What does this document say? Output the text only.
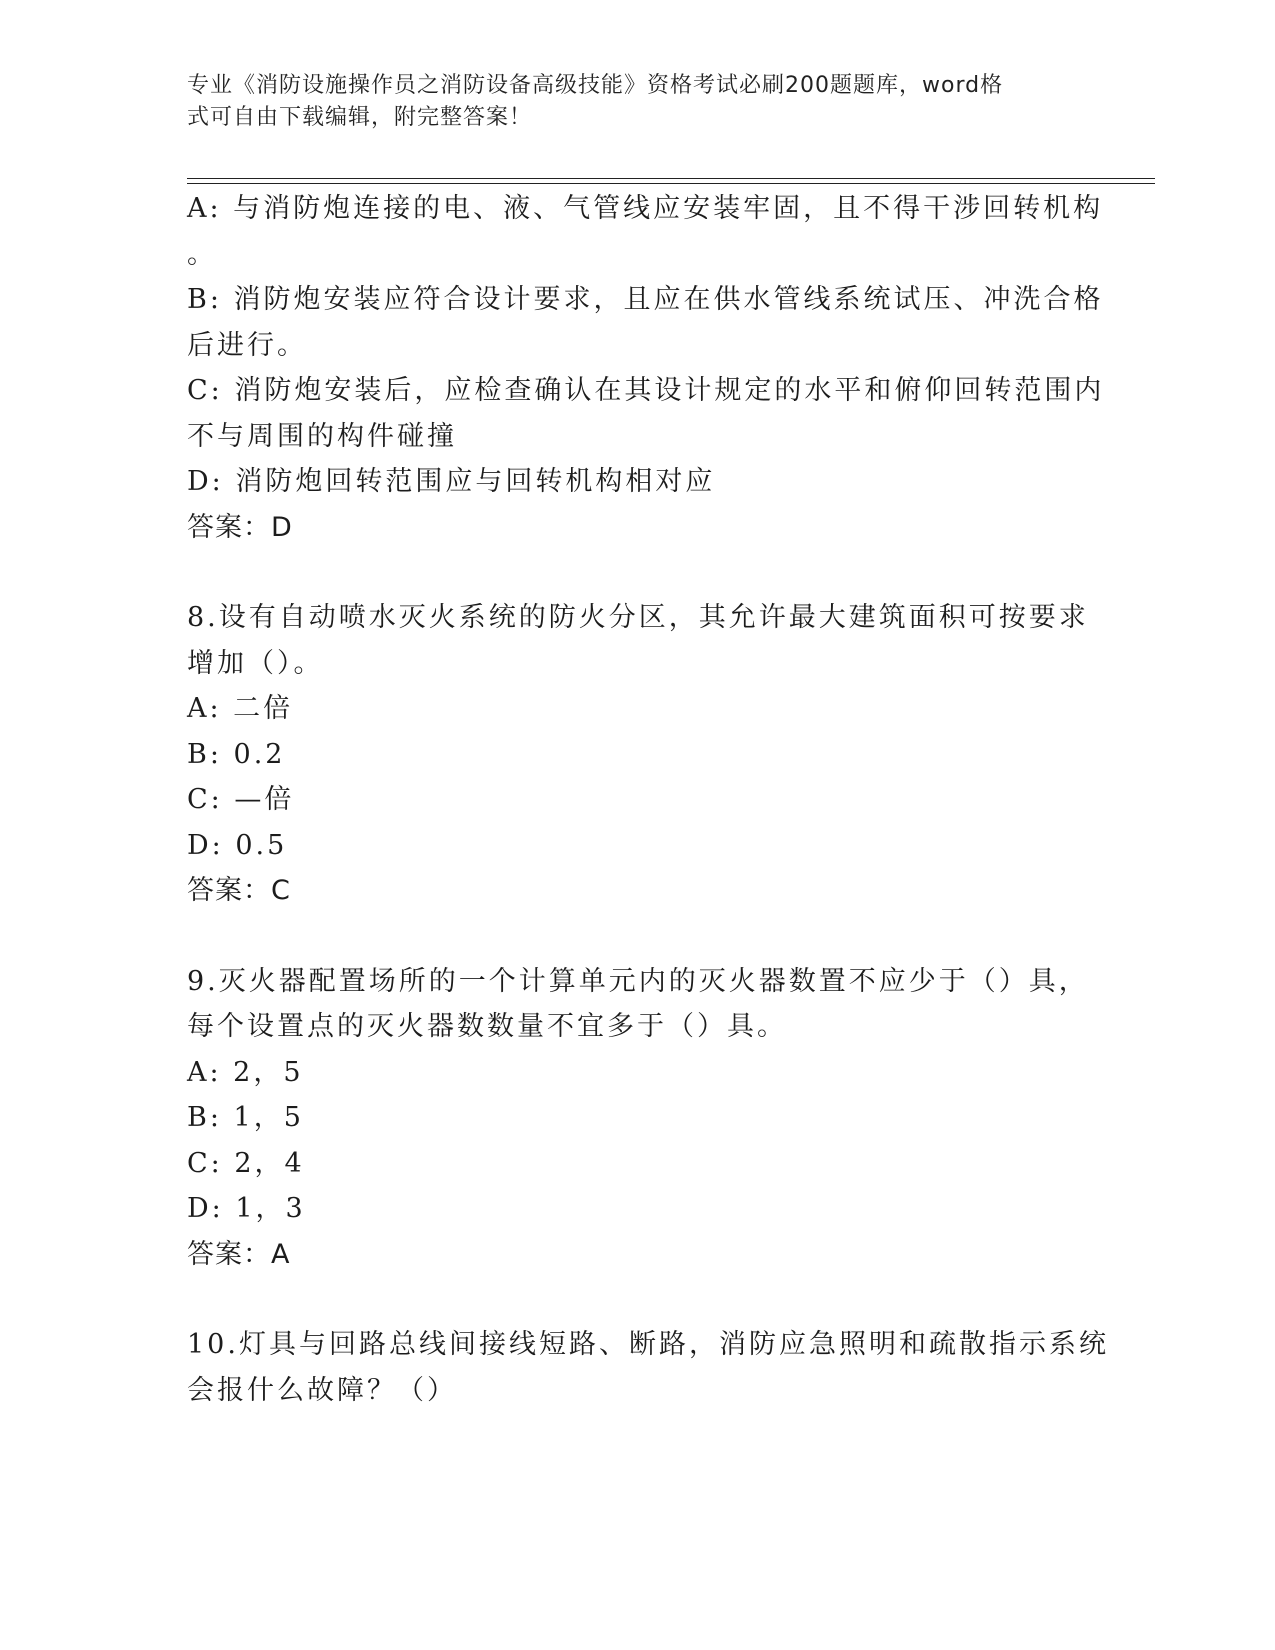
专业《消防设施操作员之消防设备高级技能》资格考试必刷200题题库，word格
式可自由下载编辑，附完整答案！
A: 与消防炮连接的电、液、气管线应安装牢固，且不得干涉回转机构
。
B: 消防炮安装应符合设计要求，且应在供水管线系统试压、冲洗合格
后进行。
C: 消防炮安装后，应检查确认在其设计规定的水平和俯仰回转范围内
不与周围的构件碰撞
D: 消防炮回转范围应与回转机构相对应
答案：D
8.设有自动喷水灭火系统的防火分区，其允许最大建筑面积可按要求
增加（）。
A: 二倍
B: 0.2
C: —倍
D: 0.5
答案：C
9.灭火器配置场所的一个计算单元内的灭火器数置不应少于（）具，
每个设置点的灭火器数数量不宜多于（）具。
A: 2，5
B: 1，5
C: 2，4
D: 1，3
答案：A
10.灯具与回路总线间接线短路、断路，消防应急照明和疏散指示系统
会报什么故障？（）
